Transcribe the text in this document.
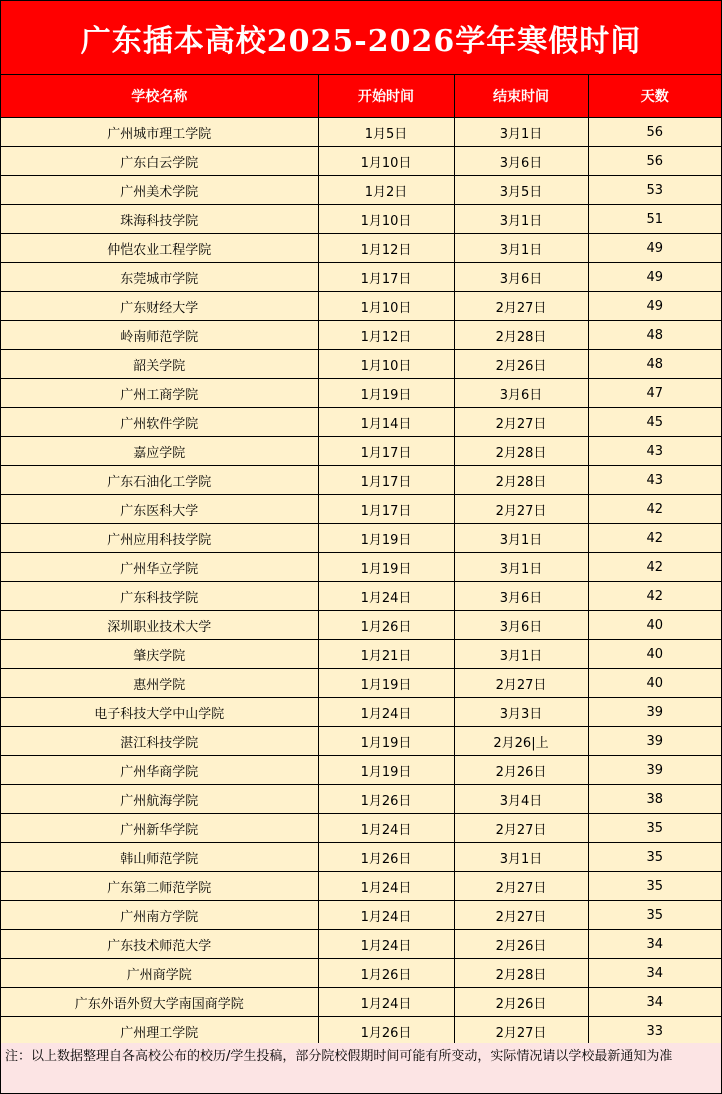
广东插本高校2025-2026学年寒假时间
学校名称	开始时间	结束时间	天数
广州城市理工学院	1月5日	3月1日	56
广东白云学院	1月10日	3月6日	56
广州美术学院	1月2日	3月5日	53
珠海科技学院	1月10日	3月1日	51
仲恺农业工程学院	1月12日	3月1日	49
东莞城市学院	1月17日	3月6日	49
广东财经大学	1月10日	2月27日	49
岭南师范学院	1月12日	2月28日	48
韶关学院	1月10日	2月26日	48
广州工商学院	1月19日	3月6日	47
广州软件学院	1月14日	2月27日	45
嘉应学院	1月17日	2月28日	43
广东石油化工学院	1月17日	2月28日	43
广东医科大学	1月17日	2月27日	42
广州应用科技学院	1月19日	3月1日	42
广州华立学院	1月19日	3月1日	42
广东科技学院	1月24日	3月6日	42
深圳职业技术大学	1月26日	3月6日	40
肇庆学院	1月21日	3月1日	40
惠州学院	1月19日	2月27日	40
电子科技大学中山学院	1月24日	3月3日	39
湛江科技学院	1月19日	2月26|上	39
广州华商学院	1月19日	2月26日	39
广州航海学院	1月26日	3月4日	38
广州新华学院	1月24日	2月27日	35
韩山师范学院	1月26日	3月1日	35
广东第二师范学院	1月24日	2月27日	35
广州南方学院	1月24日	2月27日	35
广东技术师范大学	1月24日	2月26日	34
广州商学院	1月26日	2月28日	34
广东外语外贸大学南国商学院	1月24日	2月26日	34
广州理工学院	1月26日	2月27日	33
注：以上数据整理自各高校公布的校历/学生投稿，部分院校假期时间可能有所变动，实际情况请以学校最新通知为准
